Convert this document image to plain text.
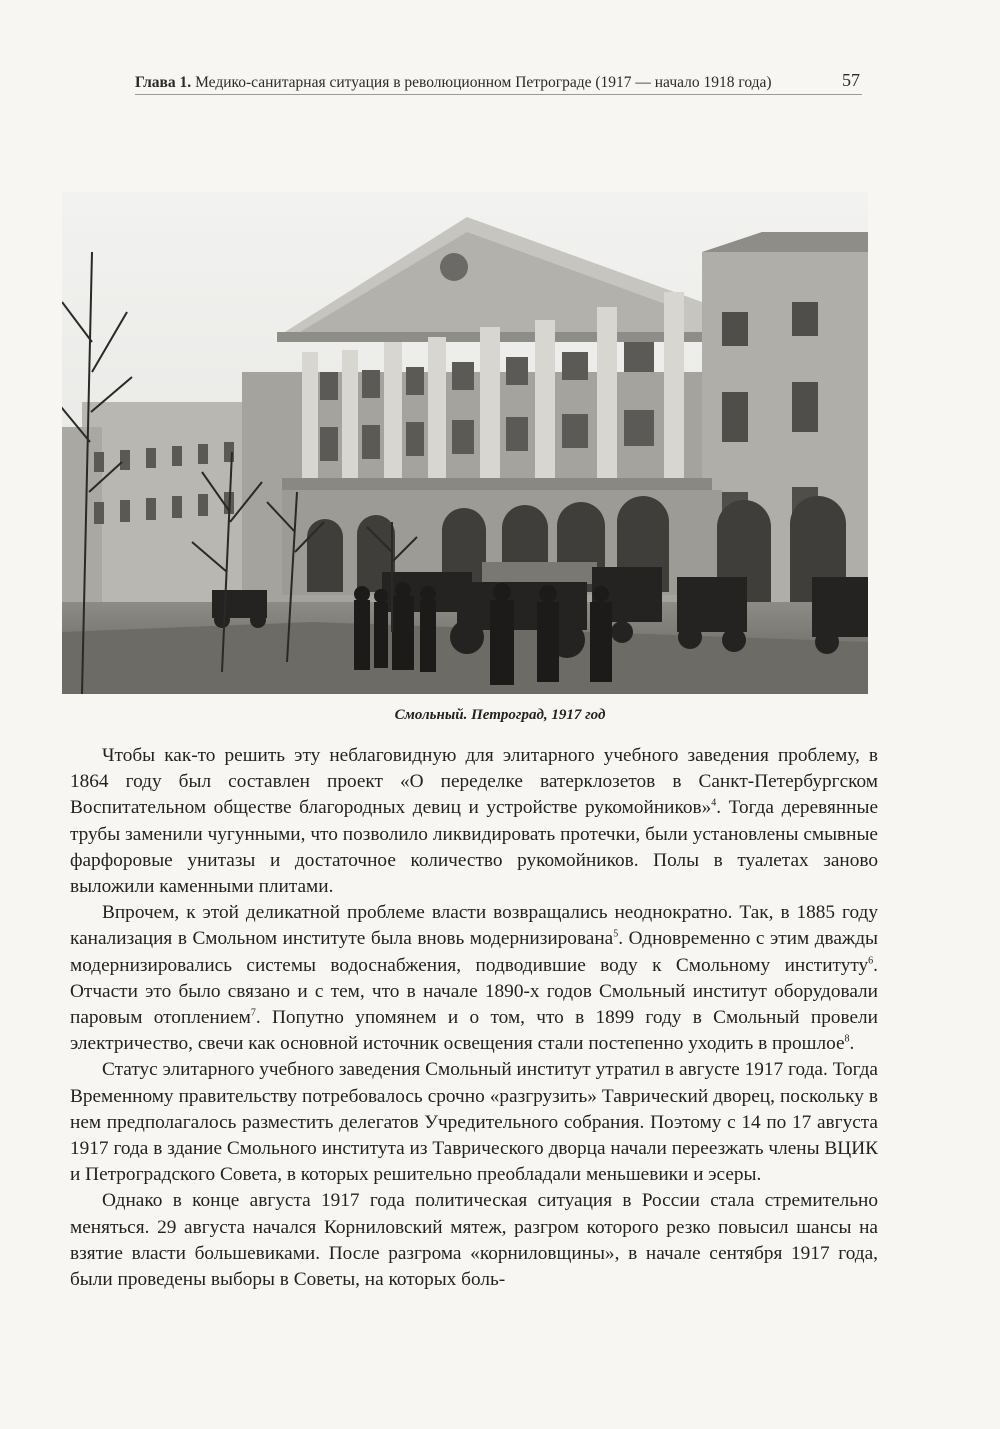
Глава 1. Медико-санитарная ситуация в революционном Петрограде (1917 — начало 1918 года)	57
Смольный. Петроград, 1917 год

Чтобы как-то решить эту неблаговидную для элитарного учебного заведения проблему, в 1864 году был составлен проект «О переделке ватерклозетов в Санкт-Петербургском Воспитательном обществе благородных девиц и устройстве рукомойников»$^4$. Тогда деревянные трубы заменили чугунными, что позволило ликвидировать протечки, были установлены смывные фарфоровые унитазы и достаточное количество рукомойников. Полы в туалетах заново выложили каменными плитами.

Впрочем, к этой деликатной проблеме власти возвращались неоднократно. Так, в 1885 году канализация в Смольном институте была вновь модернизирована$^5$. Одновременно с этим дважды модернизировались системы водоснабжения, подводившие воду к Смольному институту$^6$. Отчасти это было связано и с тем, что в начале 1890-х годов Смольный институт оборудовали паровым отоплением$^7$. Попутно упомянем и о том, что в 1899 году в Смольный провели электричество, свечи как основной источник освещения стали постепенно уходить в прошлое$^8$.

Статус элитарного учебного заведения Смольный институт утратил в августе 1917 года. Тогда Временному правительству потребовалось срочно «разгрузить» Таврический дворец, поскольку в нем предполагалось разместить делегатов Учредительного собрания. Поэтому с 14 по 17 августа 1917 года в здание Смольного института из Таврического дворца начали переезжать члены ВЦИК и Петроградского Совета, в которых решительно преобладали меньшевики и эсеры.

Однако в конце августа 1917 года политическая ситуация в России стала стремительно меняться. 29 августа начался Корниловский мятеж, разгром которого резко повысил шансы на взятие власти большевиками. После разгрома «корниловщины», в начале сентября 1917 года, были проведены выборы в Советы, на которых боль-
